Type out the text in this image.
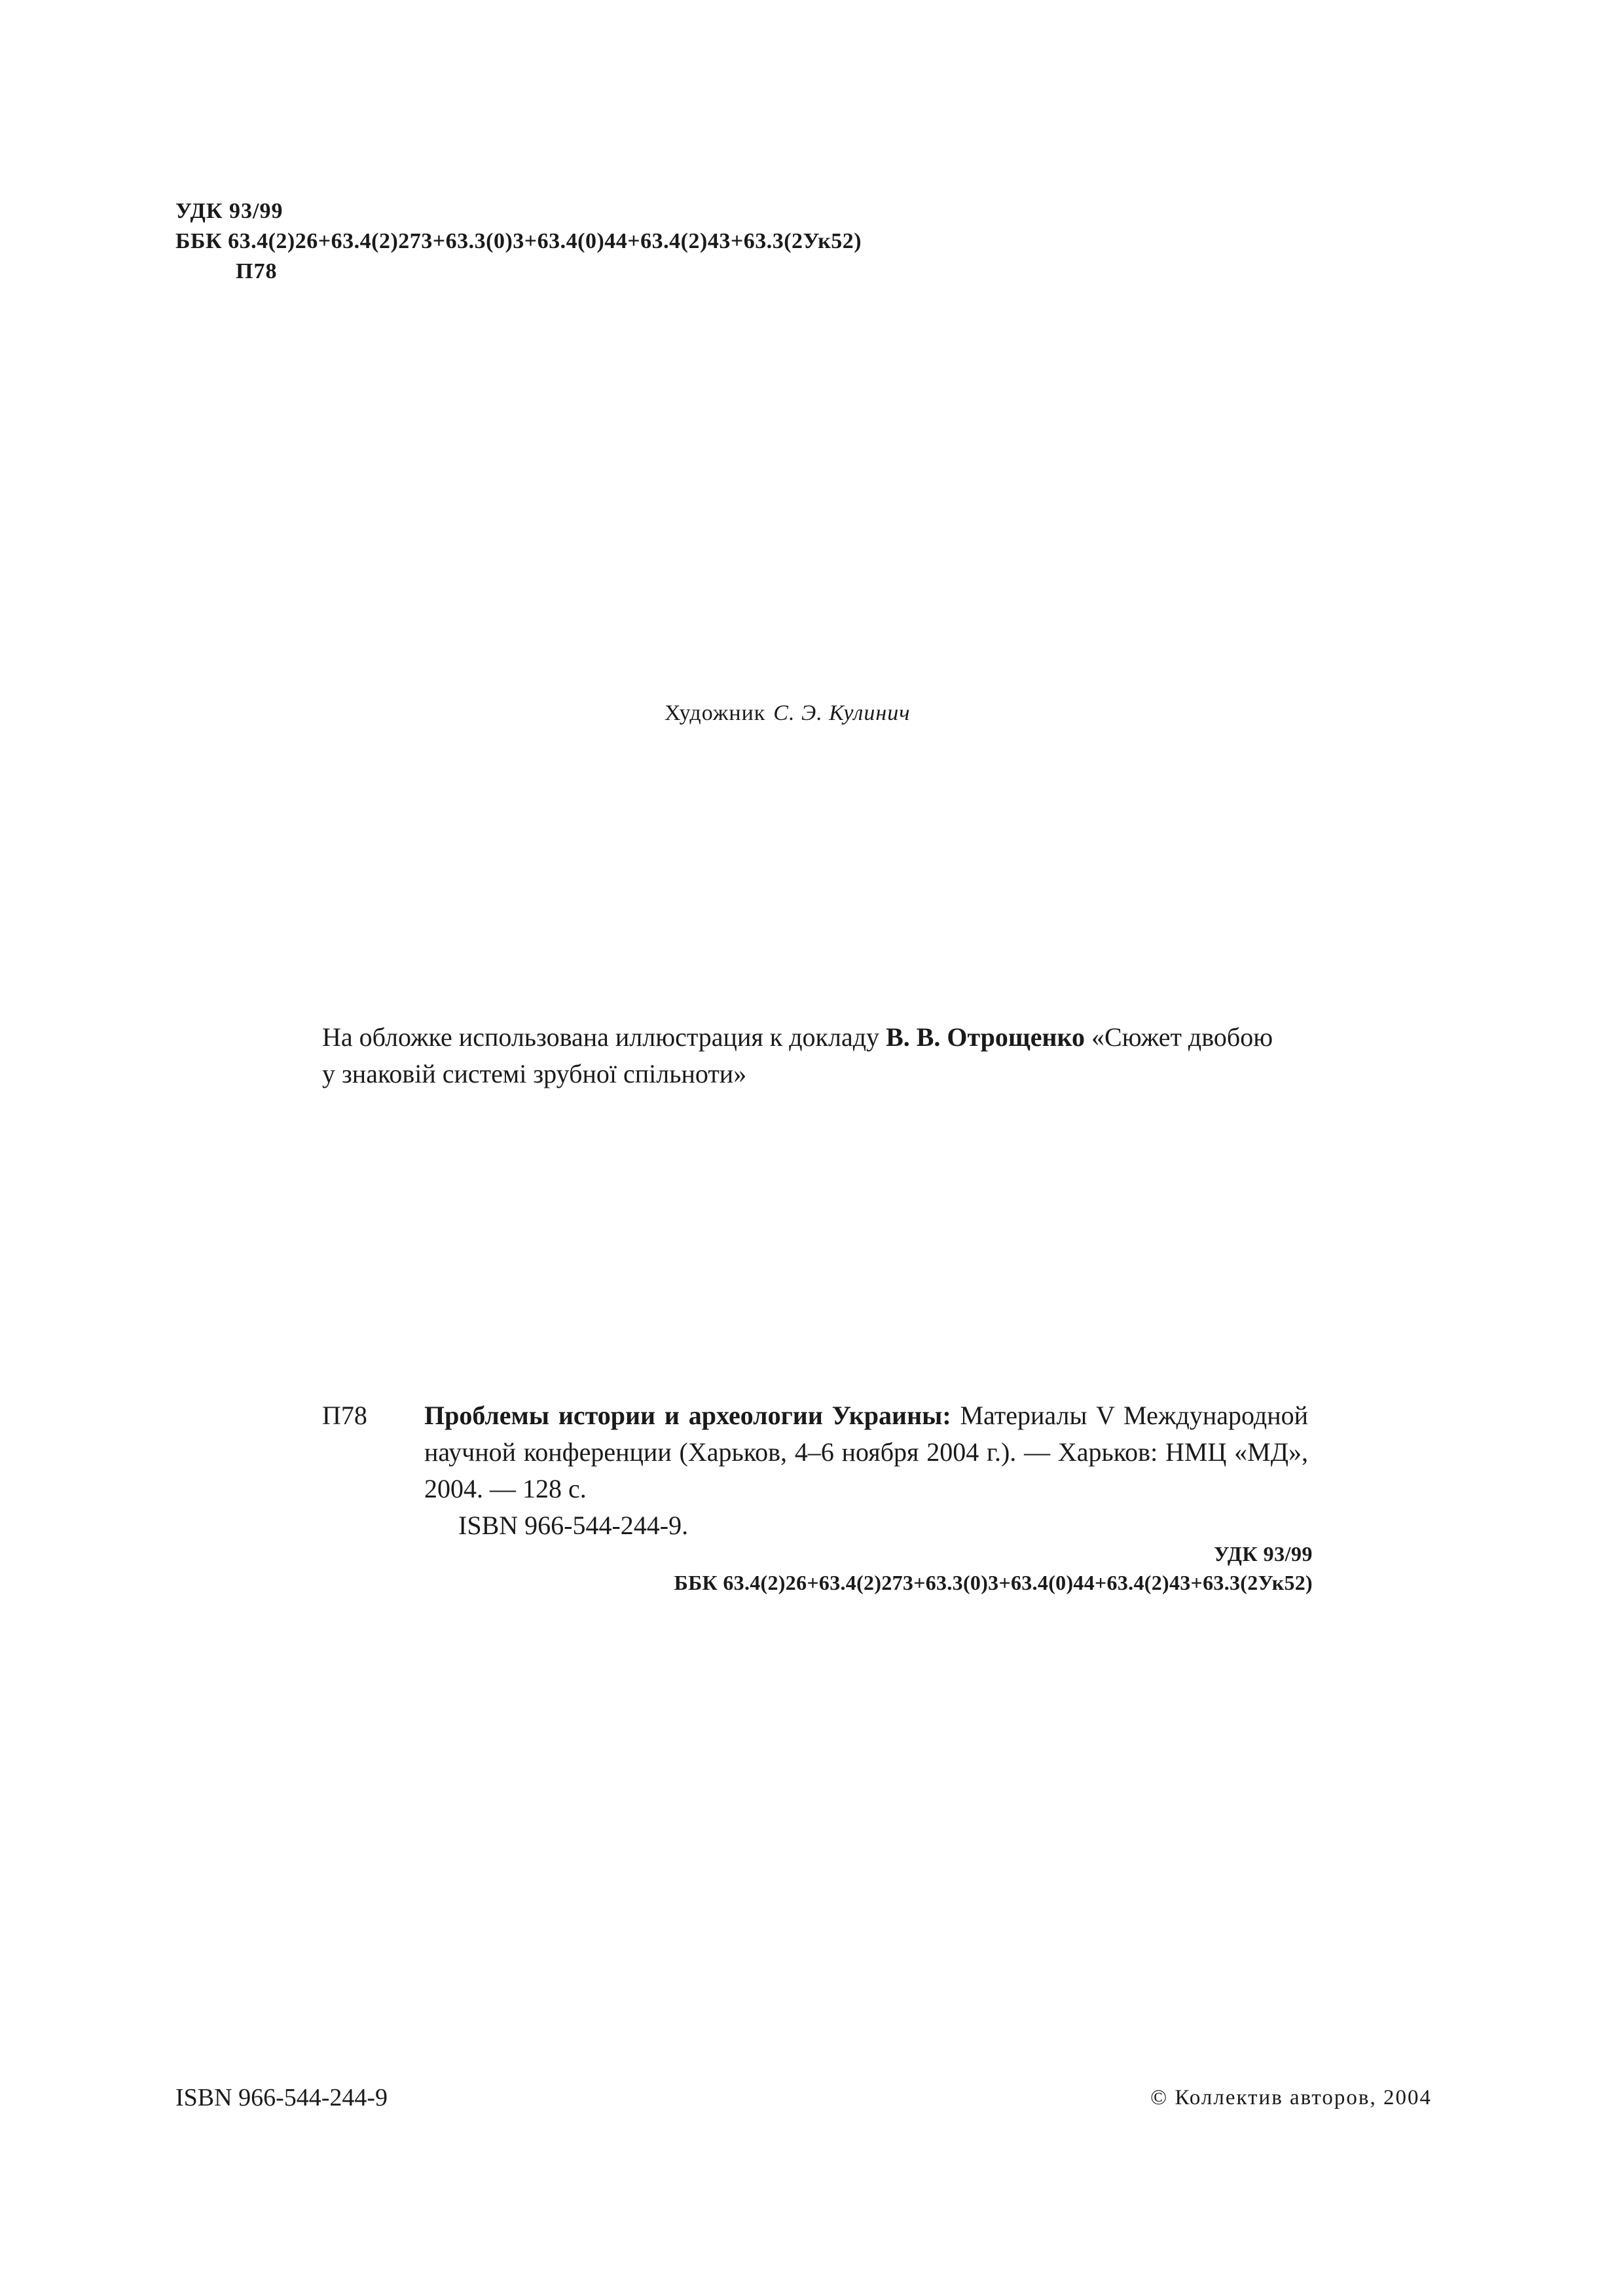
УДК 93/99
ББК 63.4(2)26+63.4(2)273+63.3(0)3+63.4(0)44+63.4(2)43+63.3(2Ук52)
П78
Художник С. Э. Кулинич
На обложке использована иллюстрация к докладу В. В. Отрощенко «Сюжет двобою у знаковій системі зрубної спільноти»
П78 Проблемы истории и археологии Украины: Материалы V Международной научной конференции (Харьков, 4–6 ноября 2004 г.). — Харьков: НМЦ «МД», 2004. — 128 с.
ISBN 966-544-244-9.
УДК 93/99
ББК 63.4(2)26+63.4(2)273+63.3(0)3+63.4(0)44+63.4(2)43+63.3(2Ук52)
ISBN 966-544-244-9	© Коллектив авторов, 2004
